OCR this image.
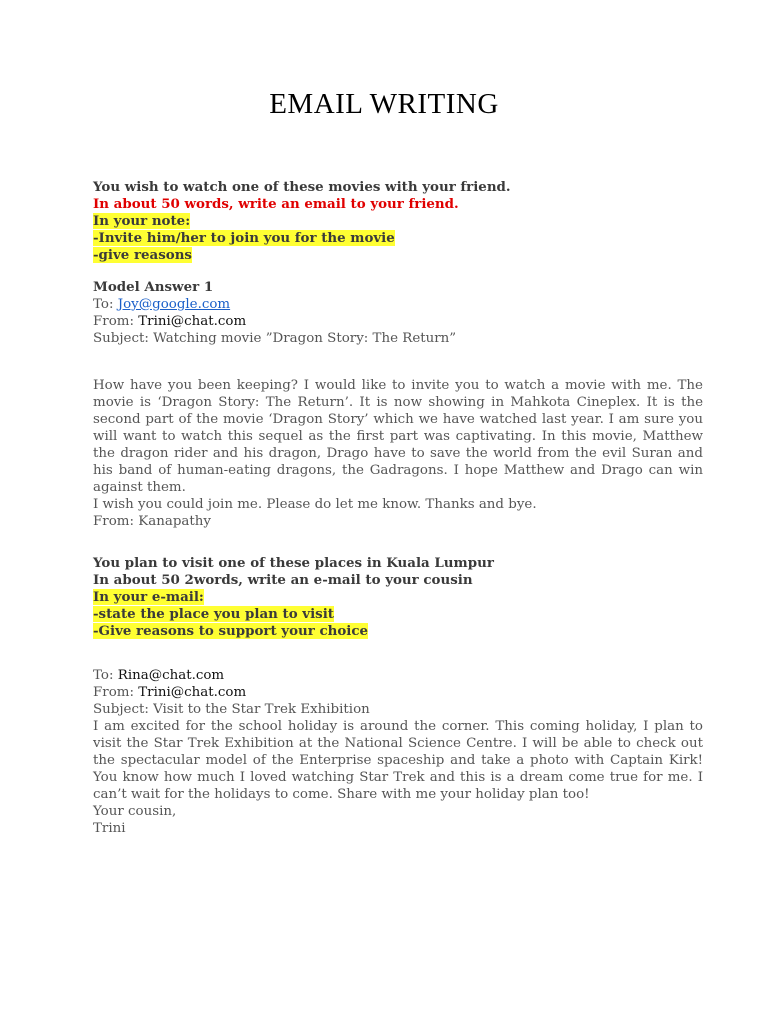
EMAIL WRITING
You wish to watch one of these movies with your friend.
In about 50 words, write an email to your friend.
In your note:
-Invite him/her to join you for the movie
-give reasons
Model Answer 1
To: Joy@google.com
From: Trini@chat.com
Subject: Watching movie ”Dragon Story: The Return”
How have you been keeping? I would like to invite you to watch a movie with me. The movie is ‘Dragon Story: The Return’. It is now showing in Mahkota Cineplex. It is the second part of the movie ‘Dragon Story’ which we have watched last year. I am sure you will want to watch this sequel as the first part was captivating. In this movie, Matthew the dragon rider and his dragon, Drago have to save the world from the evil Suran and his band of human-eating dragons, the Gadragons. I hope Matthew and Drago can win against them.
I wish you could join me. Please do let me know. Thanks and bye.
From: Kanapathy
You plan to visit one of these places in Kuala Lumpur
In about 50 2words, write an e-mail to your cousin
In your e-mail:
-state the place you plan to visit
-Give reasons to support your choice
To: Rina@chat.com
From: Trini@chat.com
Subject: Visit to the Star Trek Exhibition
I am excited for the school holiday is around the corner. This coming holiday, I plan to visit the Star Trek Exhibition at the National Science Centre. I will be able to check out the spectacular model of the Enterprise spaceship and take a photo with Captain Kirk! You know how much I loved watching Star Trek and this is a dream come true for me. I can’t wait for the holidays to come. Share with me your holiday plan too!
Your cousin,
Trini
